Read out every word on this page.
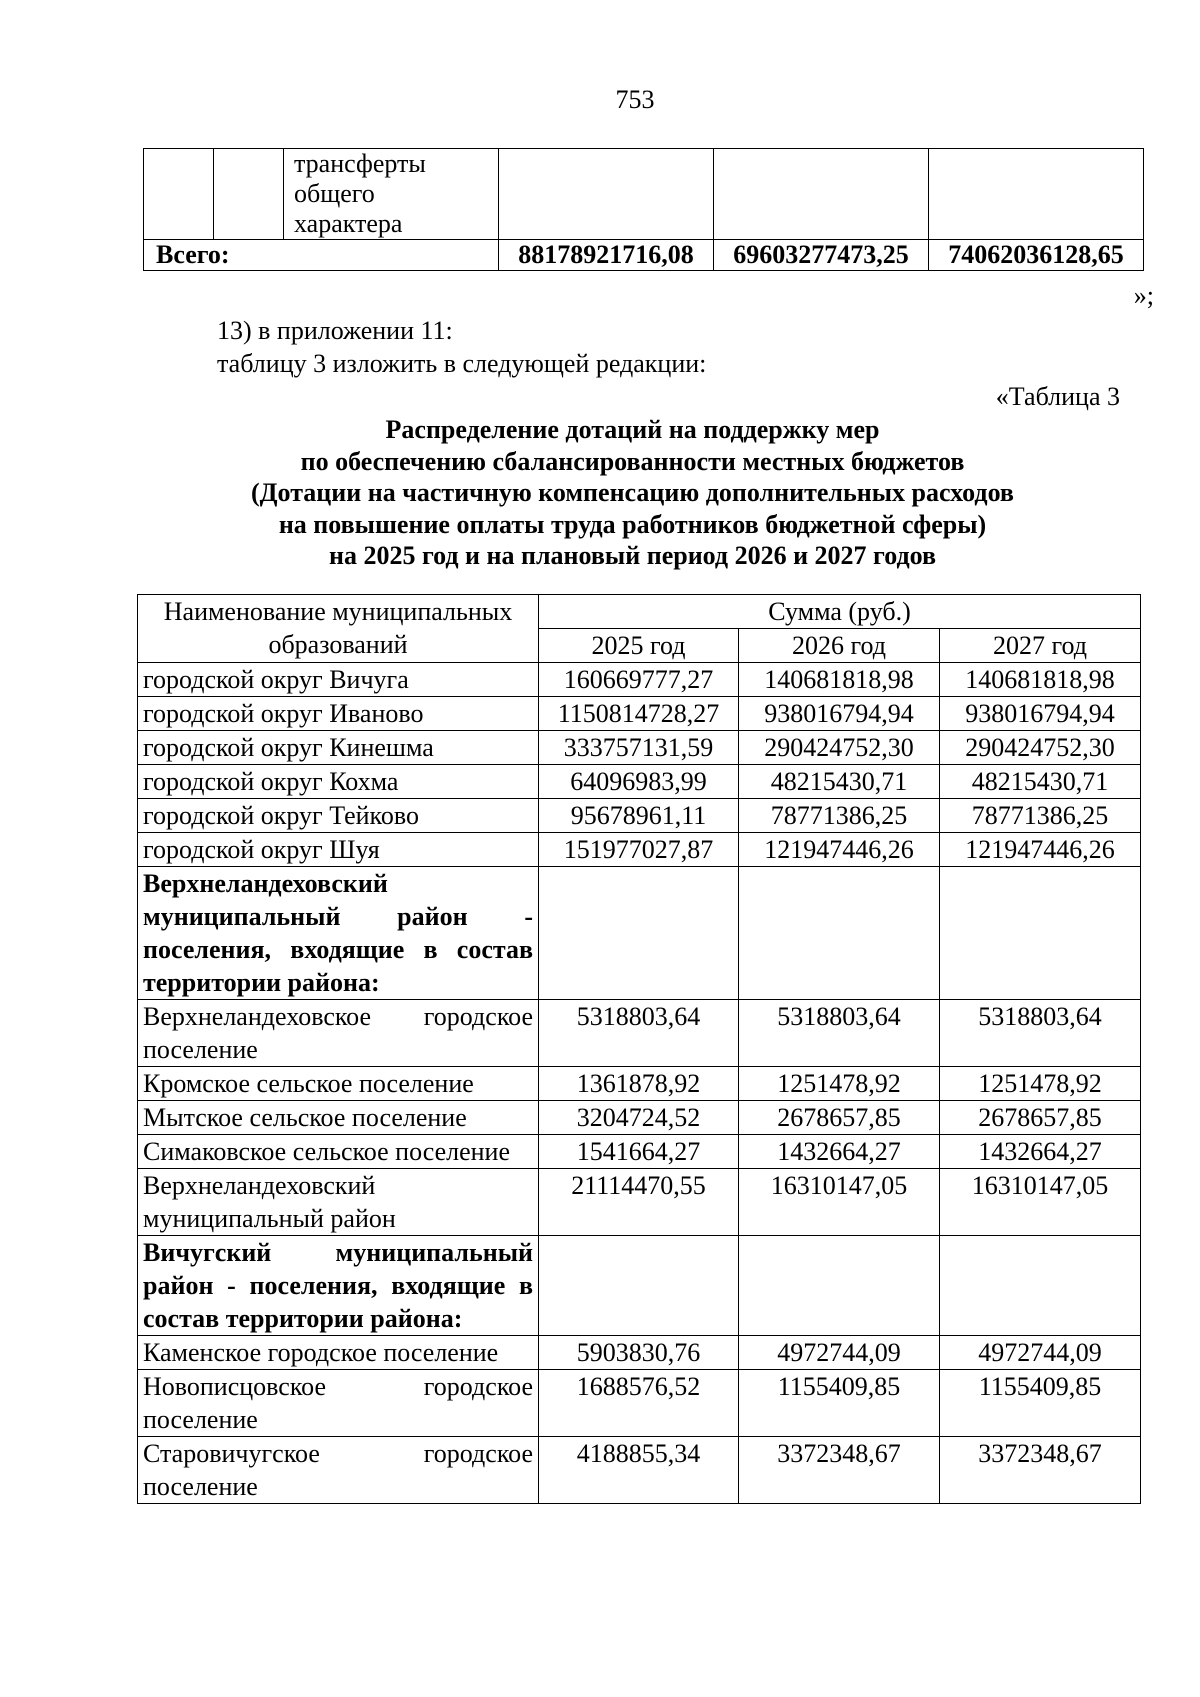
753
		трансферты общего характера			
Всего:			88178921716,08	69603277473,25	74062036128,65
»;
13) в приложении 11:
таблицу 3 изложить в следующей редакции:
«Таблица 3
Распределение дотаций на поддержку мер
по обеспечению сбалансированности местных бюджетов
(Дотации на частичную компенсацию дополнительных расходов
на повышение оплаты труда работников бюджетной сферы)
на 2025 год и на плановый период 2026 и 2027 годов
Наименование муниципальных образований	Сумма (руб.)		
	2025 год	2026 год	2027 год
городской округ Вичуга	160669777,27	140681818,98	140681818,98
городской округ Иваново	1150814728,27	938016794,94	938016794,94
городской округ Кинешма	333757131,59	290424752,30	290424752,30
городской округ Кохма	64096983,99	48215430,71	48215430,71
городской округ Тейково	95678961,11	78771386,25	78771386,25
городской округ Шуя	151977027,87	121947446,26	121947446,26
Верхнеландеховский муниципальный район - поселения, входящие в состав территории района:			
Верхнеландеховское городское поселение	5318803,64	5318803,64	5318803,64
Кромское сельское поселение	1361878,92	1251478,92	1251478,92
Мытское сельское поселение	3204724,52	2678657,85	2678657,85
Симаковское сельское поселение	1541664,27	1432664,27	1432664,27
Верхнеландеховский муниципальный район	21114470,55	16310147,05	16310147,05
Вичугский муниципальный район - поселения, входящие в состав территории района:			
Каменское городское поселение	5903830,76	4972744,09	4972744,09
Новописцовское городское поселение	1688576,52	1155409,85	1155409,85
Старовичугское городское поселение	4188855,34	3372348,67	3372348,67
